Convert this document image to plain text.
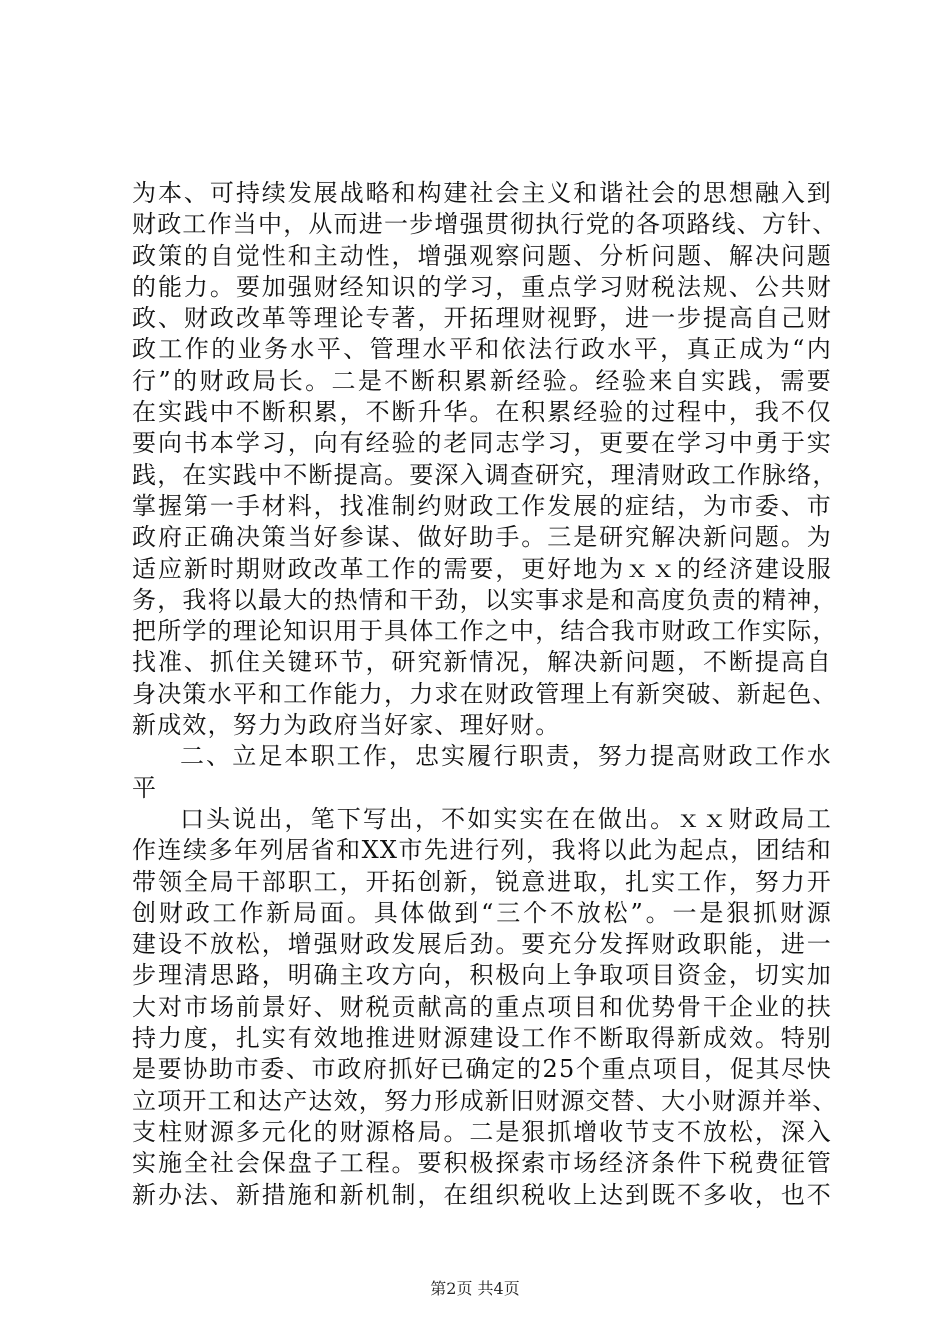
为本、可持续发展战略和构建社会主义和谐社会的思想融入到
财政工作当中，从而进一步增强贯彻执行党的各项路线、方针、
政策的自觉性和主动性，增强观察问题、分析问题、解决问题
的能力。要加强财经知识的学习，重点学习财税法规、公共财
政、财政改革等理论专著，开拓理财视野，进一步提高自己财
政工作的业务水平、管理水平和依法行政水平，真正成为“内
行”的财政局长。二是不断积累新经验。经验来自实践，需要
在实践中不断积累，不断升华。在积累经验的过程中，我不仅
要向书本学习，向有经验的老同志学习，更要在学习中勇于实
践，在实践中不断提高。要深入调查研究，理清财政工作脉络，
掌握第一手材料，找准制约财政工作发展的症结，为市委、市
政府正确决策当好参谋、做好助手。三是研究解决新问题。为
适应新时期财政改革工作的需要，更好地为ｘｘ的经济建设服
务，我将以最大的热情和干劲，以实事求是和高度负责的精神，
把所学的理论知识用于具体工作之中，结合我市财政工作实际，
找准、抓住关键环节，研究新情况，解决新问题，不断提高自
身决策水平和工作能力，力求在财政管理上有新突破、新起色、
新成效，努力为政府当好家、理好财。
二、立足本职工作，忠实履行职责，努力提高财政工作水
平
口头说出，笔下写出，不如实实在在做出。ｘｘ财政局工
作连续多年列居省和XX市先进行列，我将以此为起点，团结和
带领全局干部职工，开拓创新，锐意进取，扎实工作，努力开
创财政工作新局面。具体做到“三个不放松”。一是狠抓财源
建设不放松，增强财政发展后劲。要充分发挥财政职能，进一
步理清思路，明确主攻方向，积极向上争取项目资金，切实加
大对市场前景好、财税贡献高的重点项目和优势骨干企业的扶
持力度，扎实有效地推进财源建设工作不断取得新成效。特别
是要协助市委、市政府抓好已确定的25个重点项目，促其尽快
立项开工和达产达效，努力形成新旧财源交替、大小财源并举、
支柱财源多元化的财源格局。二是狠抓增收节支不放松，深入
实施全社会保盘子工程。要积极探索市场经济条件下税费征管
新办法、新措施和新机制，在组织税收上达到既不多收，也不
第2页 共4页
